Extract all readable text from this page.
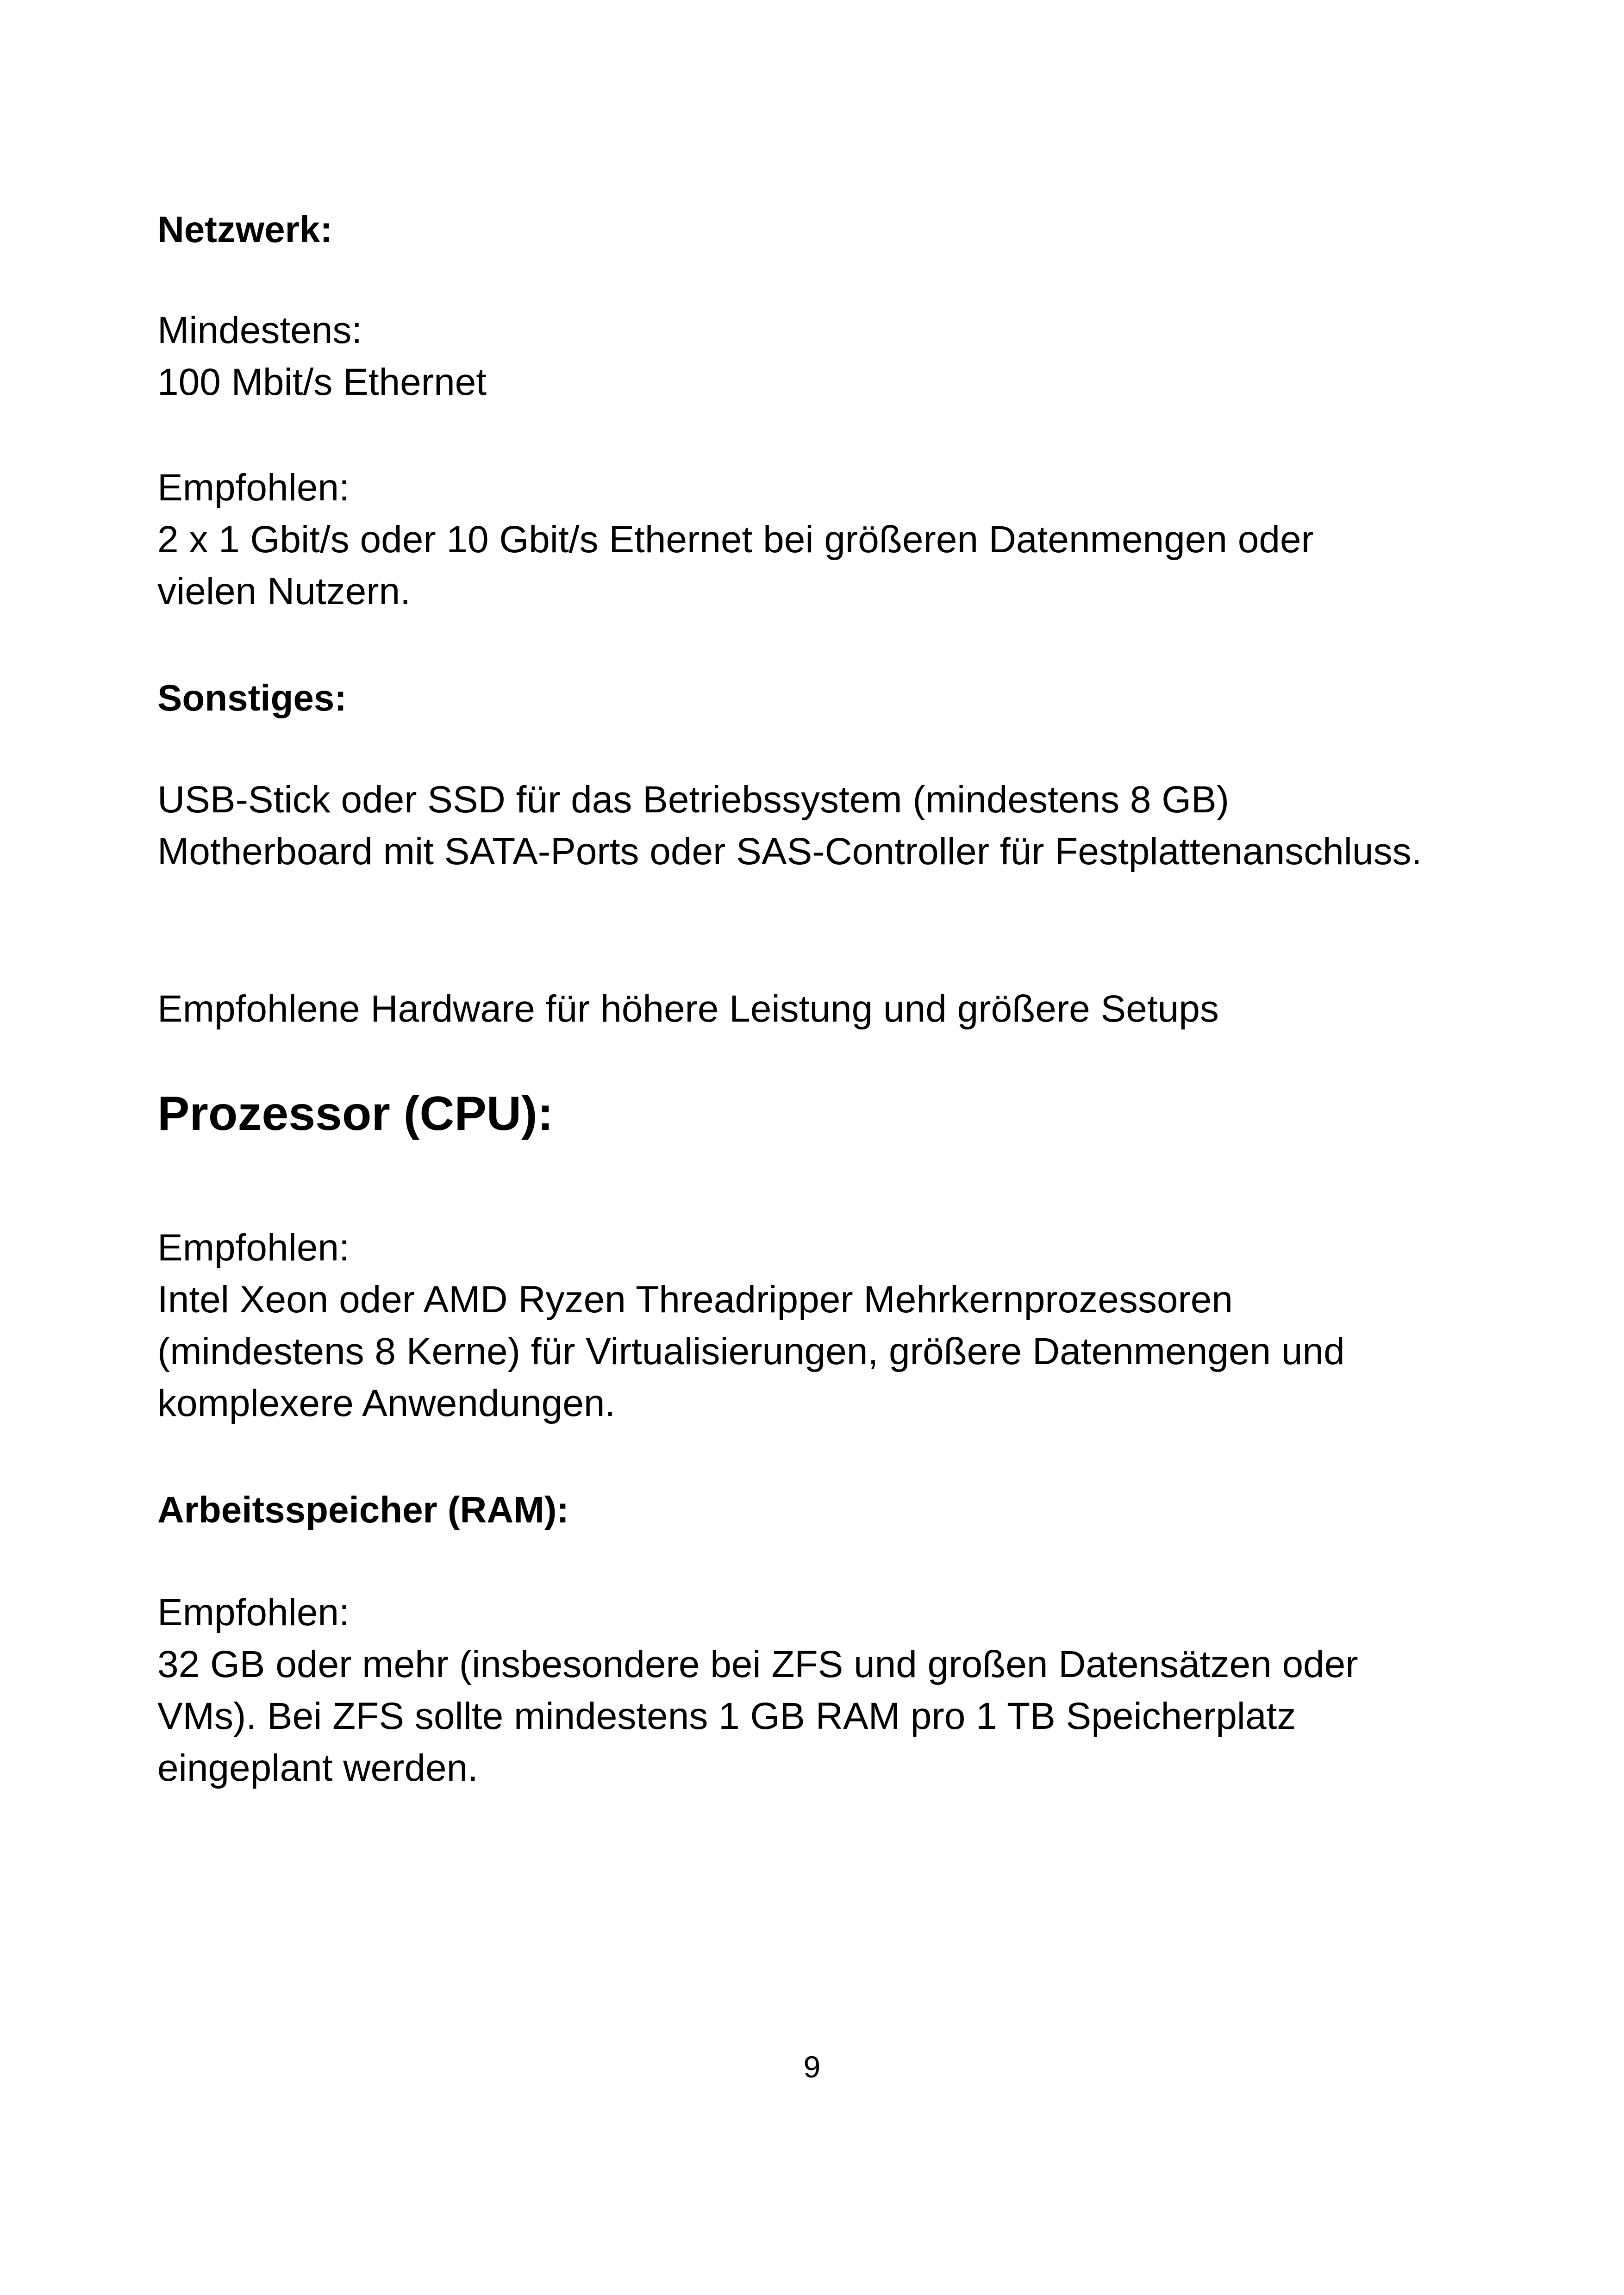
Netzwerk:

Mindestens:

100 Mbit/s Ethernet

Empfohlen:

2 x 1 Gbit/s oder 10 Gbit/s Ethernet bei größeren Datenmengen oder

vielen Nutzern.

Sonstiges:

USB-Stick oder SSD für das Betriebssystem (mindestens 8 GB)

Motherboard mit SATA-Ports oder SAS-Controller für Festplattenanschluss.

Empfohlene Hardware für höhere Leistung und größere Setups

Prozessor (CPU):

Empfohlen:

Intel Xeon oder AMD Ryzen Threadripper Mehrkernprozessoren

(mindestens 8 Kerne) für Virtualisierungen, größere Datenmengen und

komplexere Anwendungen.

Arbeitsspeicher (RAM):

Empfohlen:

32 GB oder mehr (insbesondere bei ZFS und großen Datensätzen oder

VMs). Bei ZFS sollte mindestens 1 GB RAM pro 1 TB Speicherplatz

eingeplant werden.

9
